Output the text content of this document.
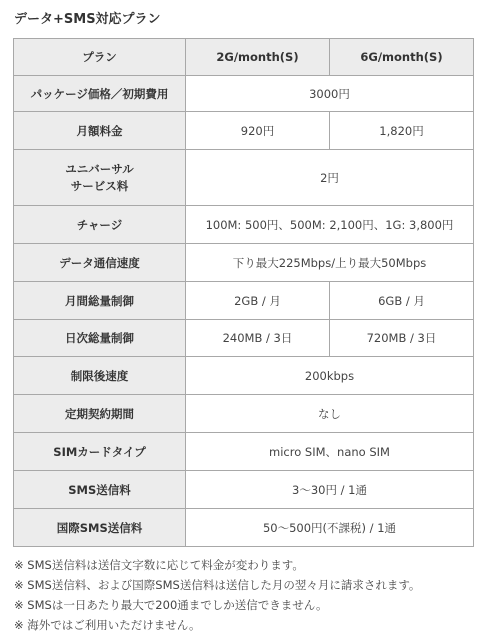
データ+SMS対応プラン
プラン	2G/month(S)	6G/month(S)
パッケージ価格／初期費用	3000円	
月額料金	920円	1,820円
ユニバーサル
サービス料	2円	
チャージ	100M: 500円、500M: 2,100円、1G: 3,800円	
データ通信速度	下り最大225Mbps/上り最大50Mbps	
月間総量制御	2GB / 月	6GB / 月
日次総量制御	240MB / 3日	720MB / 3日
制限後速度	200kbps	
定期契約期間	なし	
SIMカードタイプ	micro SIM、nano SIM	
SMS送信料	3〜30円 / 1通	
国際SMS送信料	50〜500円(不課税) / 1通	
※ SMS送信料は送信文字数に応じて料金が変わります。
※ SMS送信料、および国際SMS送信料は送信した月の翌々月に請求されます。
※ SMSは一日あたり最大で200通までしか送信できません。
※ 海外ではご利用いただけません。
